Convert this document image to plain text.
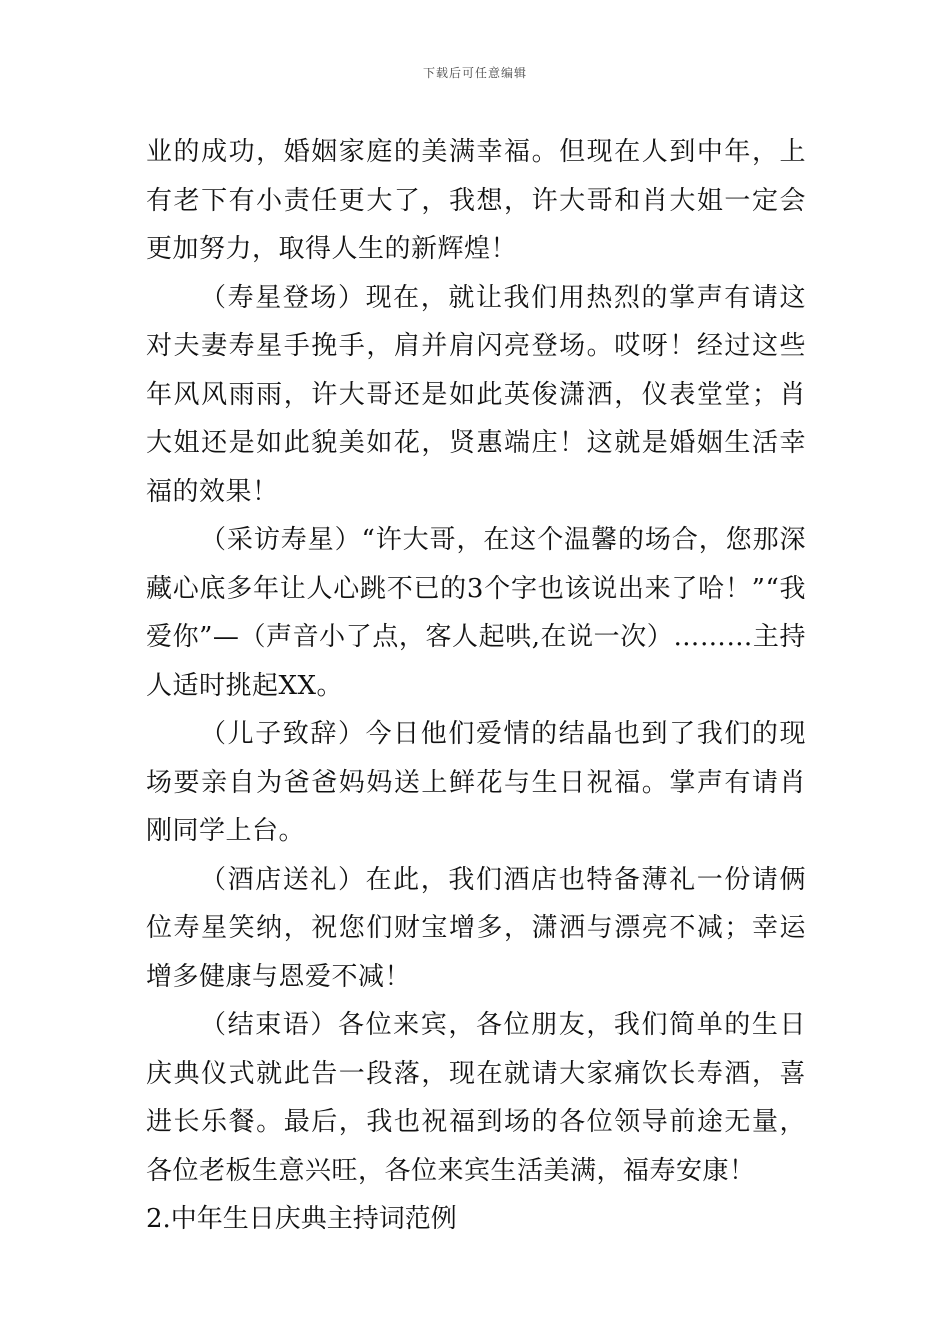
下载后可任意编辑

业的成功，婚姻家庭的美满幸福。但现在人到中年，上有老下有小责任更大了，我想，许大哥和肖大姐一定会更加努力，取得人生的新辉煌！

（寿星登场）现在，就让我们用热烈的掌声有请这对夫妻寿星手挽手，肩并肩闪亮登场。哎呀！经过这些年风风雨雨，许大哥还是如此英俊潇洒，仪表堂堂；肖大姐还是如此貌美如花，贤惠端庄！这就是婚姻生活幸福的效果！

（采访寿星）“许大哥，在这个温馨的场合，您那深藏心底多年让人心跳不已的3个字也该说出来了哈！”“我爱你”—（声音小了点，客人起哄,在说一次）………主持人适时挑起XX。

（儿子致辞）今日他们爱情的结晶也到了我们的现场要亲自为爸爸妈妈送上鲜花与生日祝福。掌声有请肖刚同学上台。

（酒店送礼）在此，我们酒店也特备薄礼一份请俩位寿星笑纳，祝您们财宝增多，潇洒与漂亮不减；幸运增多健康与恩爱不减！

（结束语）各位来宾，各位朋友，我们简单的生日庆典仪式就此告一段落，现在就请大家痛饮长寿酒，喜进长乐餐。最后，我也祝福到场的各位领导前途无量，各位老板生意兴旺，各位来宾生活美满，福寿安康！

2.中年生日庆典主持词范例
